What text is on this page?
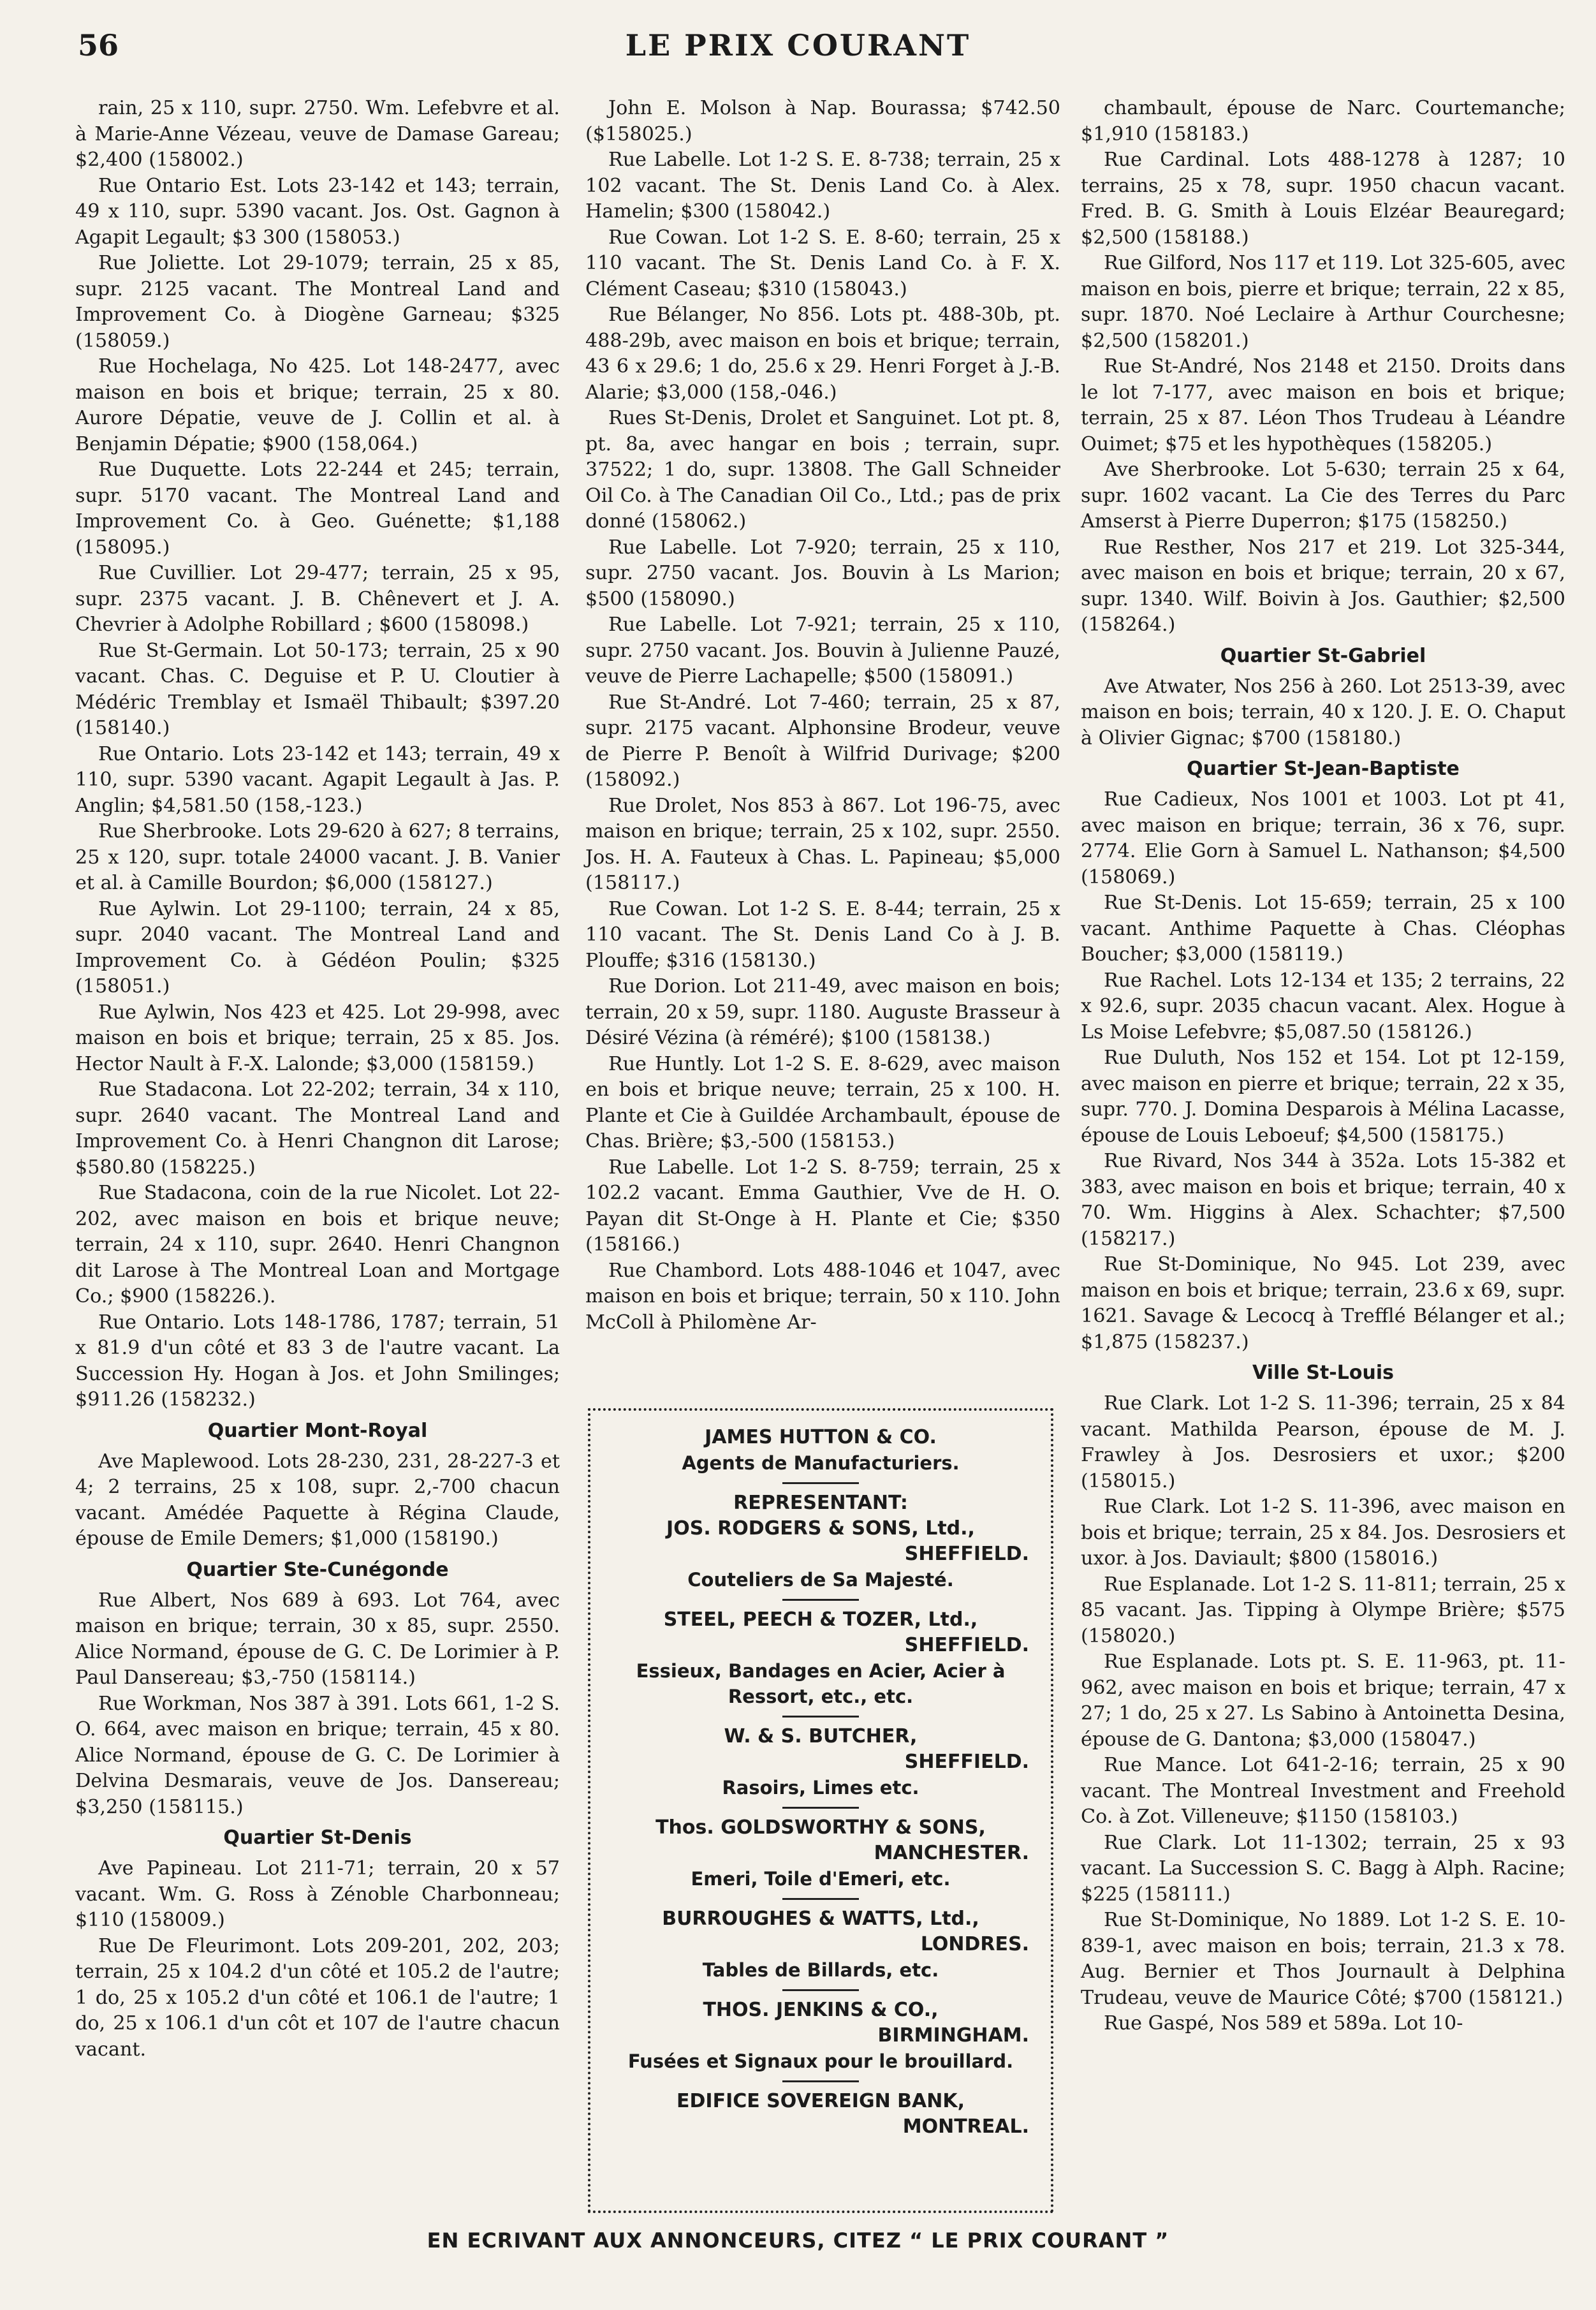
56	LE PRIX COURANT

rain, 25 x 110, supr. 2750. Wm. Lefebvre et al. à Marie-Anne Vézeau, veuve de Damase Gareau; $2,400 (158002.)

Rue Ontario Est. Lots 23-142 et 143; terrain, 49 x 110, supr. 5390 vacant. Jos. Ost. Gagnon à Agapit Legault; $3 300 (158053.)

Rue Joliette. Lot 29-1079; terrain, 25 x 85, supr. 2125 vacant. The Montreal Land and Improvement Co. à Diogène Garneau; $325 (158059.)

Rue Hochelaga, No 425. Lot 148-2477, avec maison en bois et brique; terrain, 25 x 80. Aurore Dépatie, veuve de J. Collin et al. à Benjamin Dépatie; $900 (158,064.)

Rue Duquette. Lots 22-244 et 245; terrain, supr. 5170 vacant. The Montreal Land and Improvement Co. à Geo. Guénette; $1,188 (158095.)

Rue Cuvillier. Lot 29-477; terrain, 25 x 95, supr. 2375 vacant. J. B. Chênevert et J. A. Chevrier à Adolphe Robillard ; $600 (158098.)

Rue St-Germain. Lot 50-173; terrain, 25 x 90 vacant. Chas. C. Deguise et P. U. Cloutier à Médéric Tremblay et Ismaël Thibault; $397.20 (158140.)

Rue Ontario. Lots 23-142 et 143; terrain, 49 x 110, supr. 5390 vacant. Agapit Legault à Jas. P. Anglin; $4,581.50 (158,-123.)

Rue Sherbrooke. Lots 29-620 à 627; 8 terrains, 25 x 120, supr. totale 24000 vacant. J. B. Vanier et al. à Camille Bourdon; $6,000 (158127.)

Rue Aylwin. Lot 29-1100; terrain, 24 x 85, supr. 2040 vacant. The Montreal Land and Improvement Co. à Gédéon Poulin; $325 (158051.)

Rue Aylwin, Nos 423 et 425. Lot 29-998, avec maison en bois et brique; terrain, 25 x 85. Jos. Hector Nault à F.-X. Lalonde; $3,000 (158159.)

Rue Stadacona. Lot 22-202; terrain, 34 x 110, supr. 2640 vacant. The Montreal Land and Improvement Co. à Henri Changnon dit Larose; $580.80 (158225.)

Rue Stadacona, coin de la rue Nicolet. Lot 22-202, avec maison en bois et brique neuve; terrain, 24 x 110, supr. 2640. Henri Changnon dit Larose à The Montreal Loan and Mortgage Co.; $900 (158226.).

Rue Ontario. Lots 148-1786, 1787; terrain, 51 x 81.9 d'un côté et 83 3 de l'autre vacant. La Succession Hy. Hogan à Jos. et John Smilinges; $911.26 (158232.)

Quartier Mont-Royal

Ave Maplewood. Lots 28-230, 231, 28-227-3 et 4; 2 terrains, 25 x 108, supr. 2,-700 chacun vacant. Amédée Paquette à Régina Claude, épouse de Emile Demers; $1,000 (158190.)

Quartier Ste-Cunégonde

Rue Albert, Nos 689 à 693. Lot 764, avec maison en brique; terrain, 30 x 85, supr. 2550. Alice Normand, épouse de G. C. De Lorimier à P. Paul Dansereau; $3,-750 (158114.)

Rue Workman, Nos 387 à 391. Lots 661, 1-2 S. O. 664, avec maison en brique; terrain, 45 x 80. Alice Normand, épouse de G. C. De Lorimier à Delvina Desmarais, veuve de Jos. Dansereau; $3,250 (158115.)

Quartier St-Denis

Ave Papineau. Lot 211-71; terrain, 20 x 57 vacant. Wm. G. Ross à Zénoble Charbonneau; $110 (158009.)

Rue De Fleurimont. Lots 209-201, 202, 203; terrain, 25 x 104.2 d'un côté et 105.2 de l'autre; 1 do, 25 x 105.2 d'un côté et 106.1 de l'autre; 1 do, 25 x 106.1 d'un côt et 107 de l'autre chacun vacant.

John E. Molson à Nap. Bourassa; $742.50 ($158025.)

Rue Labelle. Lot 1-2 S. E. 8-738; terrain, 25 x 102 vacant. The St. Denis Land Co. à Alex. Hamelin; $300 (158042.)

Rue Cowan. Lot 1-2 S. E. 8-60; terrain, 25 x 110 vacant. The St. Denis Land Co. à F. X. Clément Caseau; $310 (158043.)

Rue Bélanger, No 856. Lots pt. 488-30b, pt. 488-29b, avec maison en bois et brique; terrain, 43 6 x 29.6; 1 do, 25.6 x 29. Henri Forget à J.-B. Alarie; $3,000 (158,-046.)

Rues St-Denis, Drolet et Sanguinet. Lot pt. 8, pt. 8a, avec hangar en bois ; terrain, supr. 37522; 1 do, supr. 13808. The Gall Schneider Oil Co. à The Canadian Oil Co., Ltd.; pas de prix donné (158062.)

Rue Labelle. Lot 7-920; terrain, 25 x 110, supr. 2750 vacant. Jos. Bouvin à Ls Marion; $500 (158090.)

Rue Labelle. Lot 7-921; terrain, 25 x 110, supr. 2750 vacant. Jos. Bouvin à Julienne Pauzé, veuve de Pierre Lachapelle; $500 (158091.)

Rue St-André. Lot 7-460; terrain, 25 x 87, supr. 2175 vacant. Alphonsine Brodeur, veuve de Pierre P. Benoît à Wilfrid Durivage; $200 (158092.)

Rue Drolet, Nos 853 à 867. Lot 196-75, avec maison en brique; terrain, 25 x 102, supr. 2550. Jos. H. A. Fauteux à Chas. L. Papineau; $5,000 (158117.)

Rue Cowan. Lot 1-2 S. E. 8-44; terrain, 25 x 110 vacant. The St. Denis Land Co à J. B. Plouffe; $316 (158130.)

Rue Dorion. Lot 211-49, avec maison en bois; terrain, 20 x 59, supr. 1180. Auguste Brasseur à Désiré Vézina (à réméré); $100 (158138.)

Rue Huntly. Lot 1-2 S. E. 8-629, avec maison en bois et brique neuve; terrain, 25 x 100. H. Plante et Cie à Guildée Archambault, épouse de Chas. Brière; $3,-500 (158153.)

Rue Labelle. Lot 1-2 S. 8-759; terrain, 25 x 102.2 vacant. Emma Gauthier, Vve de H. O. Payan dit St-Onge à H. Plante et Cie; $350 (158166.)

Rue Chambord. Lots 488-1046 et 1047, avec maison en bois et brique; terrain, 50 x 110. John McColl à Philomène Ar-

chambault, épouse de Narc. Courtemanche; $1,910 (158183.)

Rue Cardinal. Lots 488-1278 à 1287; 10 terrains, 25 x 78, supr. 1950 chacun vacant. Fred. B. G. Smith à Louis Elzéar Beauregard; $2,500 (158188.)

Rue Gilford, Nos 117 et 119. Lot 325-605, avec maison en bois, pierre et brique; terrain, 22 x 85, supr. 1870. Noé Leclaire à Arthur Courchesne; $2,500 (158201.)

Rue St-André, Nos 2148 et 2150. Droits dans le lot 7-177, avec maison en bois et brique; terrain, 25 x 87. Léon Thos Trudeau à Léandre Ouimet; $75 et les hypothèques (158205.)

Ave Sherbrooke. Lot 5-630; terrain 25 x 64, supr. 1602 vacant. La Cie des Terres du Parc Amserst à Pierre Duperron; $175 (158250.)

Rue Resther, Nos 217 et 219. Lot 325-344, avec maison en bois et brique; terrain, 20 x 67, supr. 1340. Wilf. Boivin à Jos. Gauthier; $2,500 (158264.)

Quartier St-Gabriel

Ave Atwater, Nos 256 à 260. Lot 2513-39, avec maison en bois; terrain, 40 x 120. J. E. O. Chaput à Olivier Gignac; $700 (158180.)

Quartier St-Jean-Baptiste

Rue Cadieux, Nos 1001 et 1003. Lot pt 41, avec maison en brique; terrain, 36 x 76, supr. 2774. Elie Gorn à Samuel L. Nathanson; $4,500 (158069.)

Rue St-Denis. Lot 15-659; terrain, 25 x 100 vacant. Anthime Paquette à Chas. Cléophas Boucher; $3,000 (158119.)

Rue Rachel. Lots 12-134 et 135; 2 terrains, 22 x 92.6, supr. 2035 chacun vacant. Alex. Hogue à Ls Moise Lefebvre; $5,087.50 (158126.)

Rue Duluth, Nos 152 et 154. Lot pt 12-159, avec maison en pierre et brique; terrain, 22 x 35, supr. 770. J. Domina Desparois à Mélina Lacasse, épouse de Louis Leboeuf; $4,500 (158175.)

Rue Rivard, Nos 344 à 352a. Lots 15-382 et 383, avec maison en bois et brique; terrain, 40 x 70. Wm. Higgins à Alex. Schachter; $7,500 (158217.)

Rue St-Dominique, No 945. Lot 239, avec maison en bois et brique; terrain, 23.6 x 69, supr. 1621. Savage & Lecocq à Trefflé Bélanger et al.; $1,875 (158237.)

Ville St-Louis

Rue Clark. Lot 1-2 S. 11-396; terrain, 25 x 84 vacant. Mathilda Pearson, épouse de M. J. Frawley à Jos. Desrosiers et uxor.; $200 (158015.)

Rue Clark. Lot 1-2 S. 11-396, avec maison en bois et brique; terrain, 25 x 84. Jos. Desrosiers et uxor. à Jos. Daviault; $800 (158016.)

Rue Esplanade. Lot 1-2 S. 11-811; terrain, 25 x 85 vacant. Jas. Tipping à Olympe Brière; $575 (158020.)

Rue Esplanade. Lots pt. S. E. 11-963, pt. 11-962, avec maison en bois et brique; terrain, 47 x 27; 1 do, 25 x 27. Ls Sabino à Antoinetta Desina, épouse de G. Dantona; $3,000 (158047.)

Rue Mance. Lot 641-2-16; terrain, 25 x 90 vacant. The Montreal Investment and Freehold Co. à Zot. Villeneuve; $1150 (158103.)

Rue Clark. Lot 11-1302; terrain, 25 x 93 vacant. La Succession S. C. Bagg à Alph. Racine; $225 (158111.)

Rue St-Dominique, No 1889. Lot 1-2 S. E. 10-839-1, avec maison en bois; terrain, 21.3 x 78. Aug. Bernier et Thos Journault à Delphina Trudeau, veuve de Maurice Côté; $700 (158121.)

Rue Gaspé, Nos 589 et 589a. Lot 10-

JAMES HUTTON & CO.
Agents de Manufacturiers.
REPRESENTANT:
JOS. RODGERS & SONS, Ltd.,
SHEFFIELD.
Couteliers de Sa Majesté.
STEEL, PEECH & TOZER, Ltd.,
SHEFFIELD.
Essieux, Bandages en Acier, Acier à Ressort, etc., etc.
W. & S. BUTCHER,
SHEFFIELD.
Rasoirs, Limes etc.
Thos. GOLDSWORTHY & SONS,
MANCHESTER.
Emeri, Toile d'Emeri, etc.
BURROUGHES & WATTS, Ltd.,
LONDRES.
Tables de Billards, etc.
THOS. JENKINS & CO.,
BIRMINGHAM.
Fusées et Signaux pour le brouillard.
EDIFICE SOVEREIGN BANK,
MONTREAL.
EN ECRIVANT AUX ANNONCEURS, CITEZ “ LE PRIX COURANT ”
